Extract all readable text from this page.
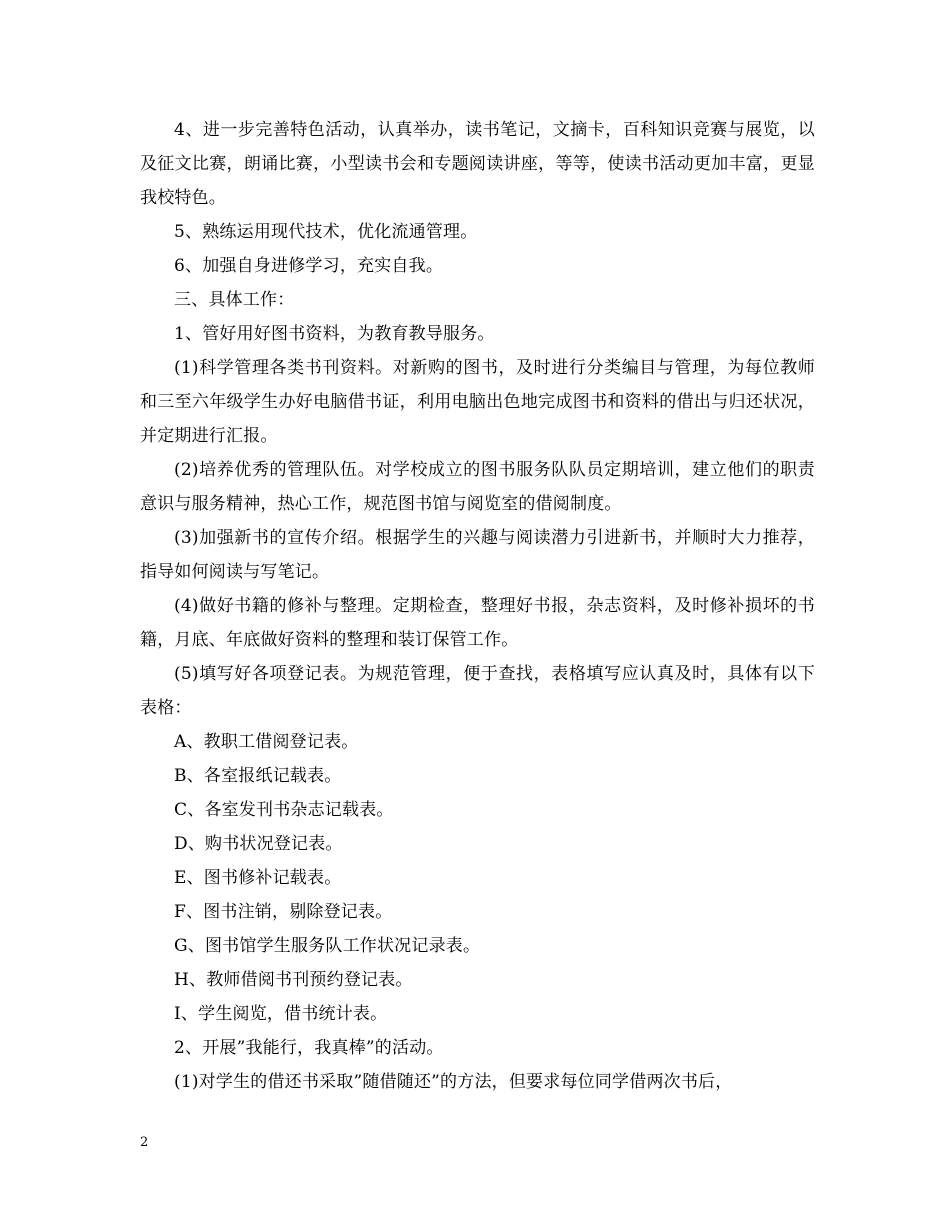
4、进一步完善特色活动，认真举办，读书笔记，文摘卡，百科知识竞赛与展览，以及征文比赛，朗诵比赛，小型读书会和专题阅读讲座，等等，使读书活动更加丰富，更显我校特色。

5、熟练运用现代技术，优化流通管理。

6、加强自身进修学习，充实自我。

三、具体工作：

1、管好用好图书资料，为教育教导服务。

(1)科学管理各类书刊资料。对新购的图书，及时进行分类编目与管理，为每位教师和三至六年级学生办好电脑借书证，利用电脑出色地完成图书和资料的借出与归还状况，并定期进行汇报。

(2)培养优秀的管理队伍。对学校成立的图书服务队队员定期培训，建立他们的职责意识与服务精神，热心工作，规范图书馆与阅览室的借阅制度。

(3)加强新书的宣传介绍。根据学生的兴趣与阅读潜力引进新书，并顺时大力推荐，指导如何阅读与写笔记。

(4)做好书籍的修补与整理。定期检查，整理好书报，杂志资料，及时修补损坏的书籍，月底、年底做好资料的整理和装订保管工作。

(5)填写好各项登记表。为规范管理，便于查找，表格填写应认真及时，具体有以下表格：

A、教职工借阅登记表。

B、各室报纸记载表。

C、各室发刊书杂志记载表。

D、购书状况登记表。

E、图书修补记载表。

F、图书注销，剔除登记表。

G、图书馆学生服务队工作状况记录表。

H、教师借阅书刊预约登记表。

I、学生阅览，借书统计表。

2、开展”我能行，我真棒”的活动。

(1)对学生的借还书采取”随借随还”的方法，但要求每位同学借两次书后，

2
